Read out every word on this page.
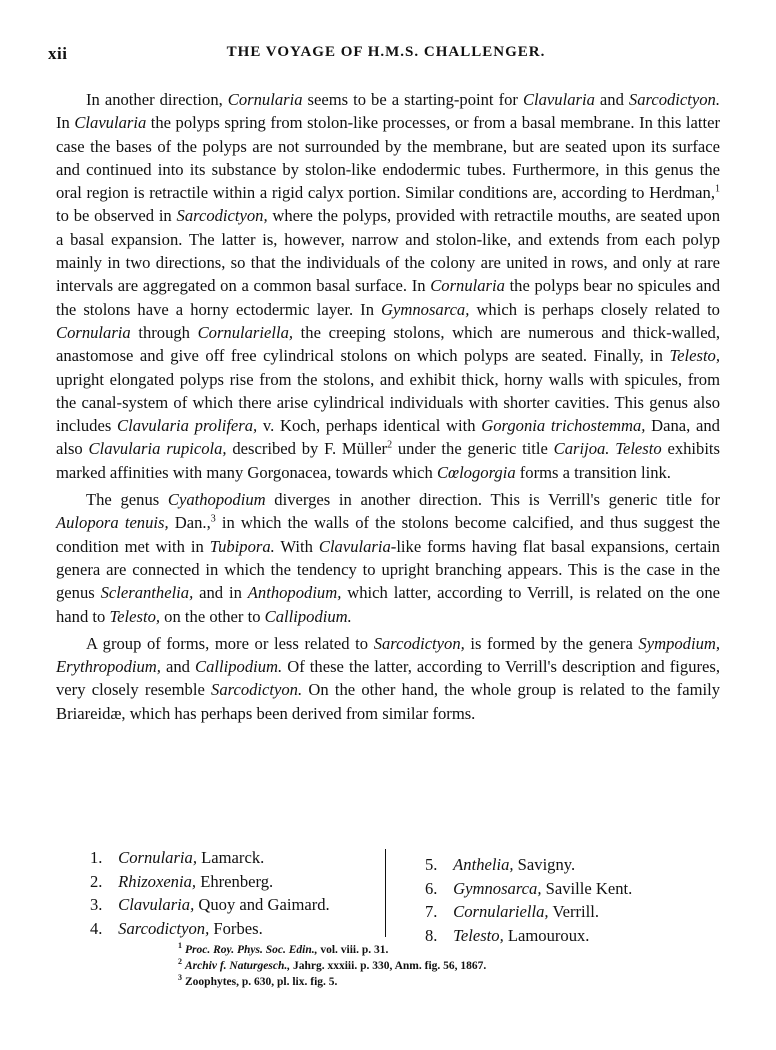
xii	THE VOYAGE OF H.M.S. CHALLENGER.

In another direction, Cornularia seems to be a starting-point for Clavularia and Sarcodictyon. In Clavularia the polyps spring from stolon-like processes, or from a basal membrane. In this latter case the bases of the polyps are not surrounded by the membrane, but are seated upon its surface and continued into its substance by stolon-like endodermic tubes. Furthermore, in this genus the oral region is retractile within a rigid calyx portion. Similar conditions are, according to Herdman,$^1$ to be observed in Sarcodictyon, where the polyps, provided with retractile mouths, are seated upon a basal expansion. The latter is, however, narrow and stolon-like, and extends from each polyp mainly in two directions, so that the individuals of the colony are united in rows, and only at rare intervals are aggregated on a common basal surface. In Cornularia the polyps bear no spicules and the stolons have a horny ectodermic layer. In Gymnosarca, which is perhaps closely related to Cornularia through Cornulariella, the creeping stolons, which are numerous and thick-walled, anastomose and give off free cylindrical stolons on which polyps are seated. Finally, in Telesto, upright elongated polyps rise from the stolons, and exhibit thick, horny walls with spicules, from the canal-system of which there arise cylindrical individuals with shorter cavities. This genus also includes Clavularia prolifera, v. Koch, perhaps identical with Gorgonia trichostemma, Dana, and also Clavularia rupicola, described by F. Müller$^2$ under the generic title Carijoa. Telesto exhibits marked affinities with many Gorgonacea, towards which Cœlogorgia forms a transition link.

The genus Cyathopodium diverges in another direction. This is Verrill's generic title for Aulopora tenuis, Dan.,$^3$ in which the walls of the stolons become calcified, and thus suggest the condition met with in Tubipora. With Clavularia-like forms having flat basal expansions, certain genera are connected in which the tendency to upright branching appears. This is the case in the genus Scleranthelia, and in Anthopodium, which latter, according to Verrill, is related on the one hand to Telesto, on the other to Callipodium.

A group of forms, more or less related to Sarcodictyon, is formed by the genera Sympodium, Erythropodium, and Callipodium. Of these the latter, according to Verrill's description and figures, very closely resemble Sarcodictyon. On the other hand, the whole group is related to the family Briareidæ, which has perhaps been derived from similar forms.

1. Cornularia, Lamarck.
2. Rhizoxenia, Ehrenberg.
3. Clavularia, Quoy and Gaimard.
4. Sarcodictyon, Forbes.
5. Anthelia, Savigny.
6. Gymnosarca, Saville Kent.
7. Cornulariella, Verrill.
8. Telesto, Lamouroux.
$^1$ Proc. Roy. Phys. Soc. Edin., vol. viii. p. 31.
$^2$ Archiv f. Naturgesch., Jahrg. xxxiii. p. 330, Anm. fig. 56, 1867.
$^3$ Zoophytes, p. 630, pl. lix. fig. 5.
